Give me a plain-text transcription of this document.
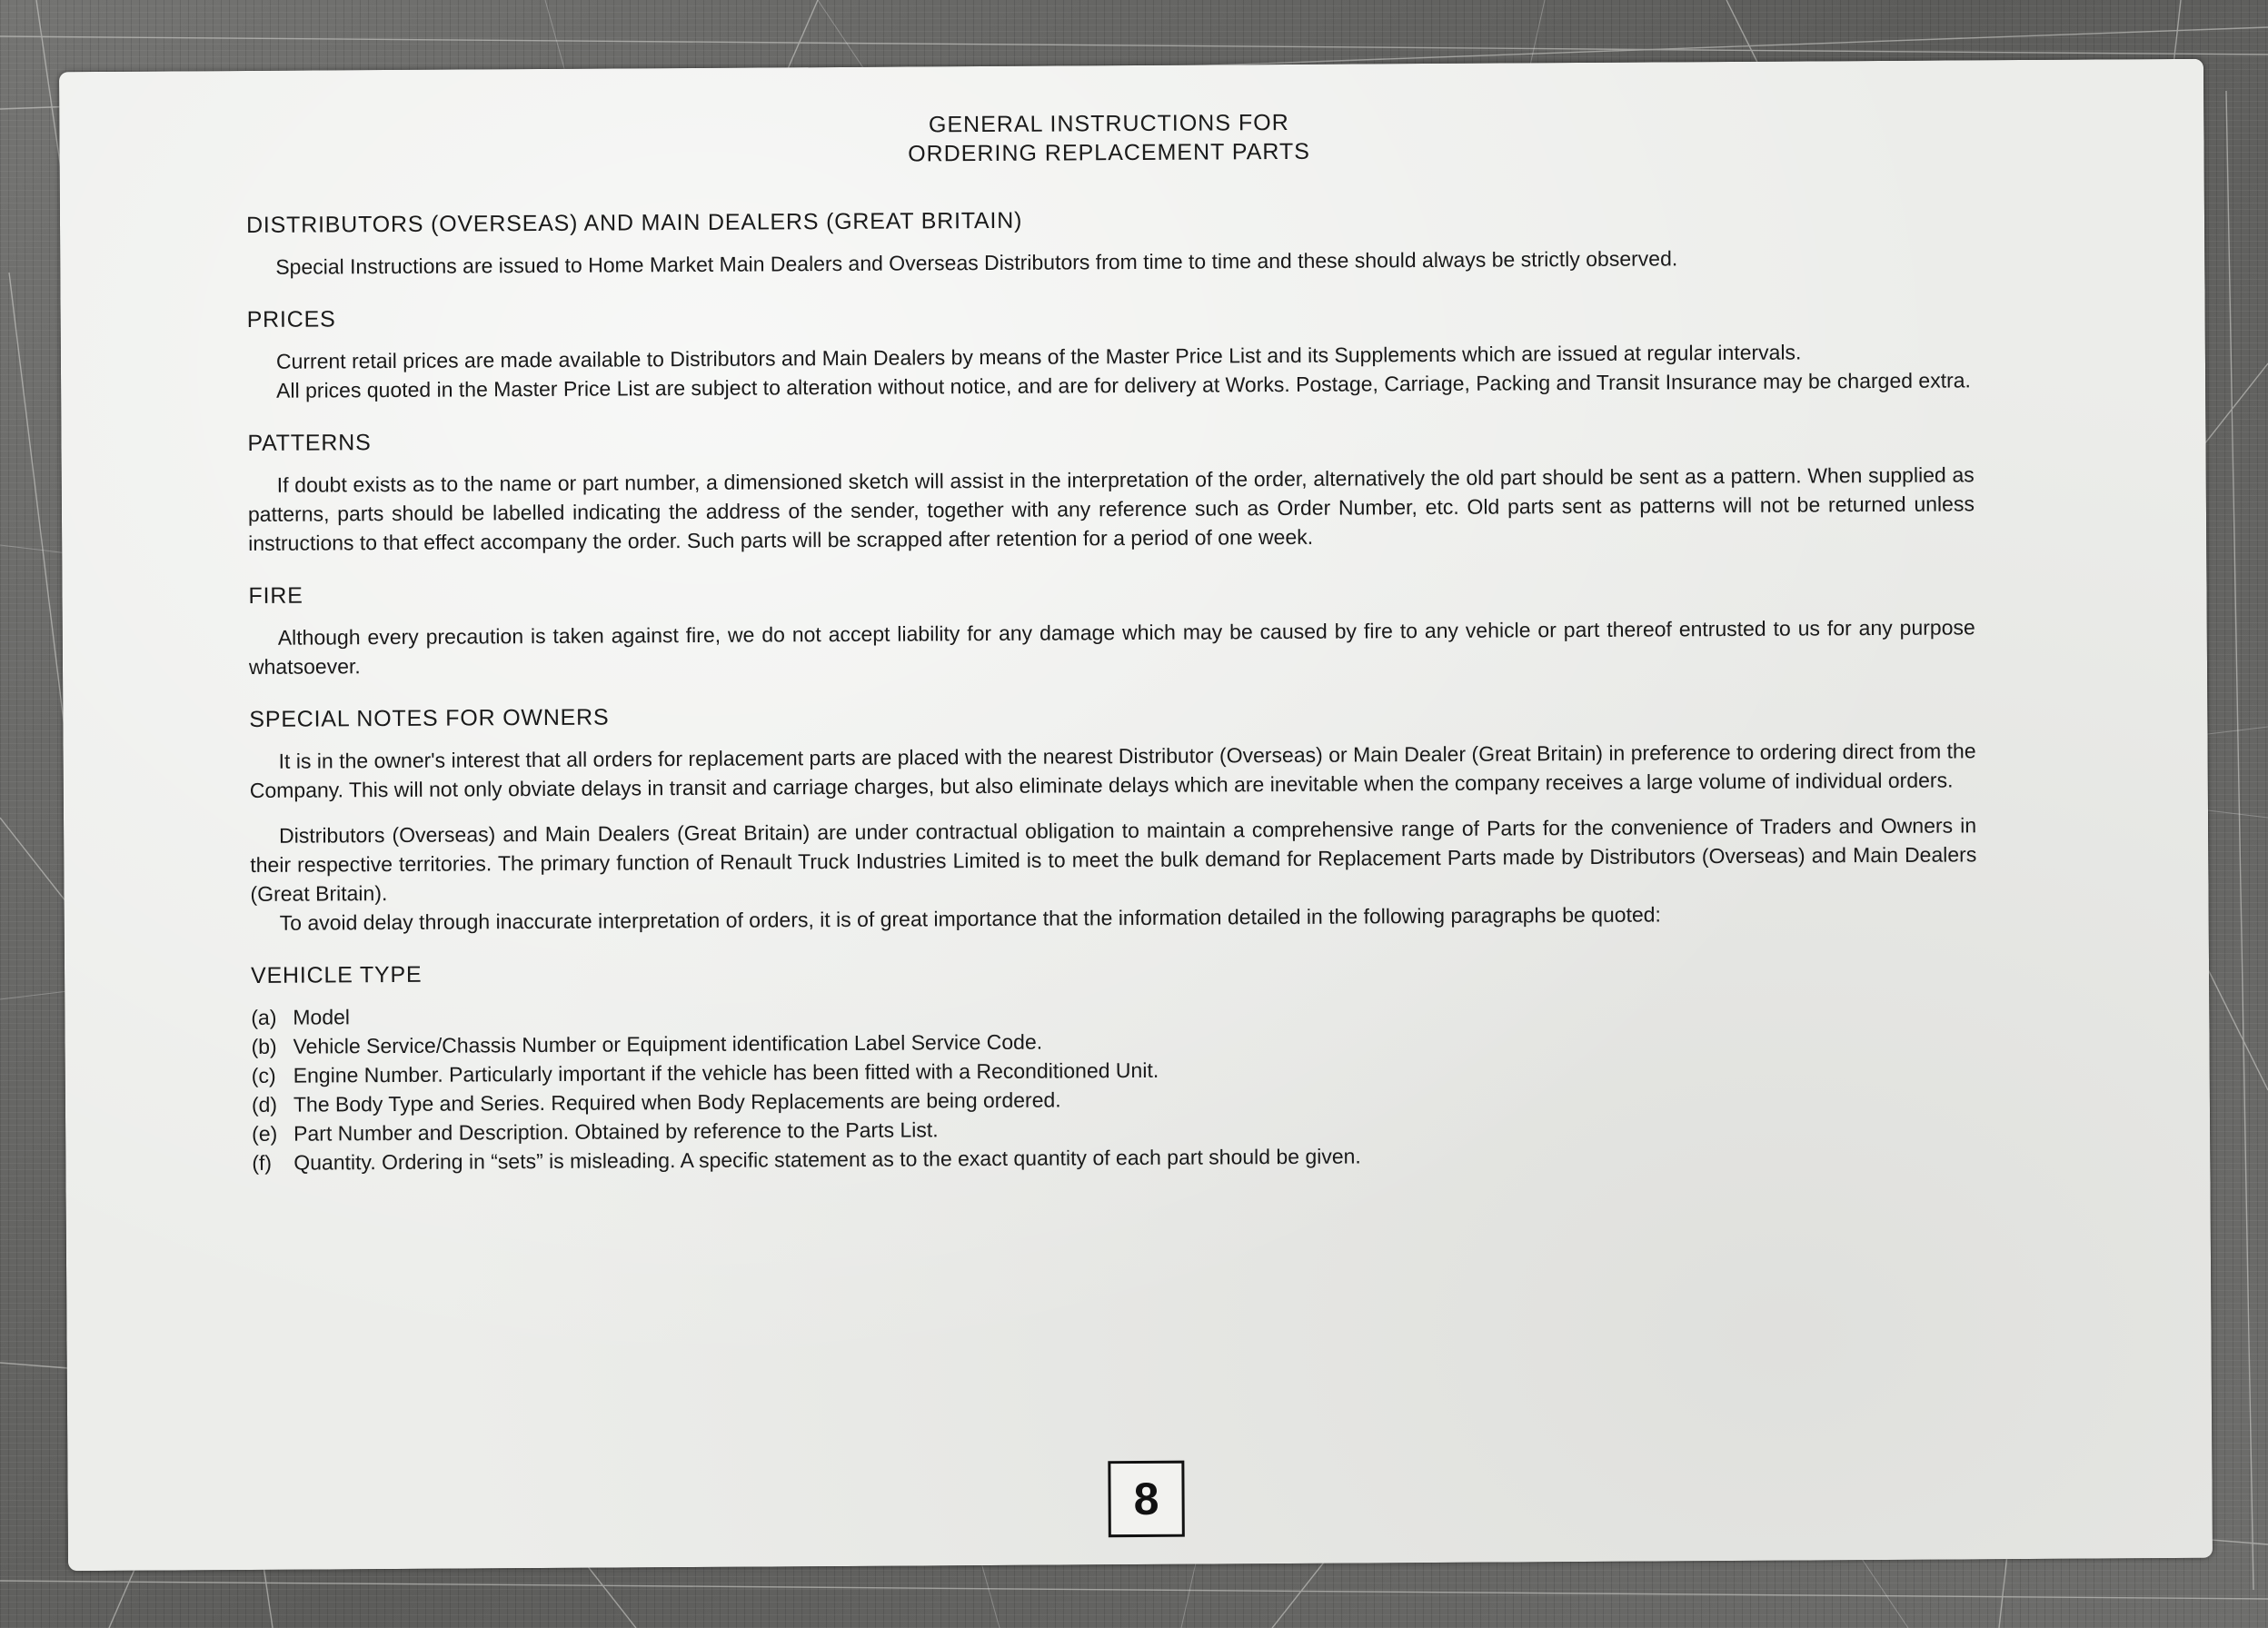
GENERAL INSTRUCTIONS FOR
ORDERING REPLACEMENT PARTS
DISTRIBUTORS (OVERSEAS) AND MAIN DEALERS (GREAT BRITAIN)

Special Instructions are issued to Home Market Main Dealers and Overseas Distributors from time to time and these should always be strictly observed.

PRICES

Current retail prices are made available to Distributors and Main Dealers by means of the Master Price List and its Supplements which are issued at regular intervals.

All prices quoted in the Master Price List are subject to alteration without notice, and are for delivery at Works. Postage, Carriage, Packing and Transit Insurance may be charged extra.

PATTERNS

If doubt exists as to the name or part number, a dimensioned sketch will assist in the interpretation of the order, alternatively the old part should be sent as a pattern. When supplied as patterns, parts should be labelled indicating the address of the sender, together with any reference such as Order Number, etc. Old parts sent as patterns will not be returned unless instructions to that effect accompany the order. Such parts will be scrapped after retention for a period of one week.

FIRE

Although every precaution is taken against fire, we do not accept liability for any damage which may be caused by fire to any vehicle or part thereof entrusted to us for any purpose whatsoever.

SPECIAL NOTES FOR OWNERS

It is in the owner's interest that all orders for replacement parts are placed with the nearest Distributor (Overseas) or Main Dealer (Great Britain) in preference to ordering direct from the Company. This will not only obviate delays in transit and carriage charges, but also eliminate delays which are inevitable when the company receives a large volume of individual orders.

Distributors (Overseas) and Main Dealers (Great Britain) are under contractual obligation to maintain a comprehensive range of Parts for the convenience of Traders and Owners in their respective territories. The primary function of Renault Truck Industries Limited is to meet the bulk demand for Replacement Parts made by Distributors (Overseas) and Main Dealers (Great Britain).

To avoid delay through inaccurate interpretation of orders, it is of great importance that the information detailed in the following paragraphs be quoted:

VEHICLE TYPE
(a) Model
(b) Vehicle Service/Chassis Number or Equipment identification Label Service Code.
(c) Engine Number. Particularly important if the vehicle has been fitted with a Reconditioned Unit.
(d) The Body Type and Series. Required when Body Replacements are being ordered.
(e) Part Number and Description. Obtained by reference to the Parts List.
(f)	Quantity. Ordering in “sets” is misleading. A specific statement as to the exact quantity of each part should be given.
8
